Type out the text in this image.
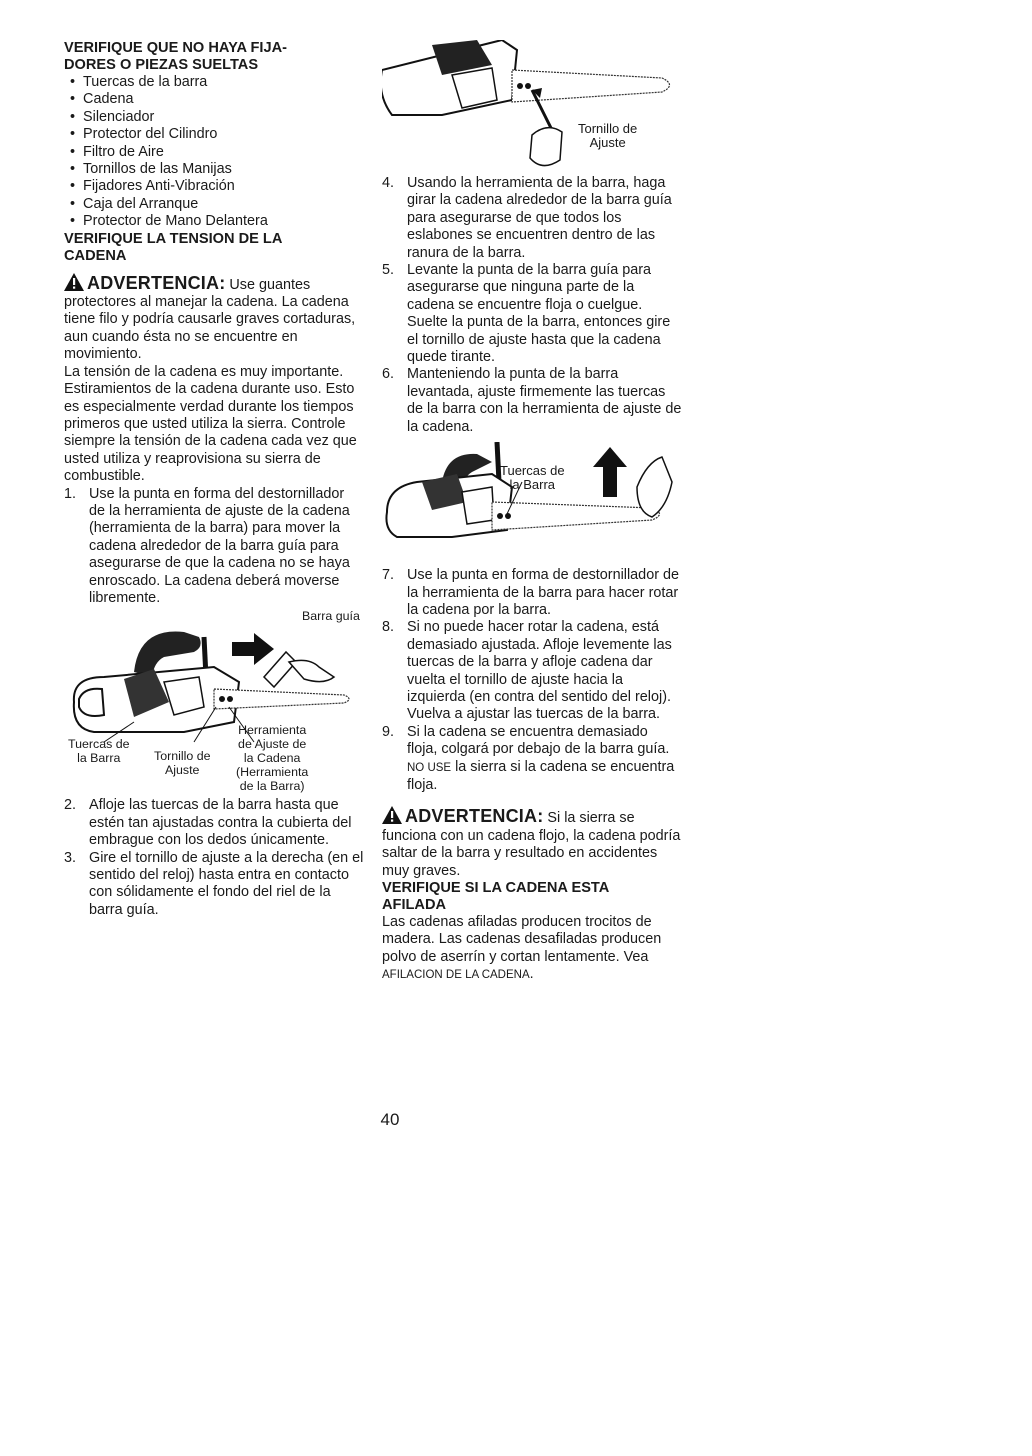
VERIFIQUE QUE NO HAYA FIJA-
DORES O PIEZAS SUELTAS
•  Tuercas de la barra
•  Cadena
•  Silenciador
•  Protector del Cilindro
•  Filtro de Aire
•  Tornillos de las Manijas
•  Fijadores Anti-Vibración
•  Caja del Arranque
•  Protector de Mano Delantera
VERIFIQUE LA TENSION DE LA
CADENA

ADVERTENCIA: Use guantes protectores al manejar la cadena. La cadena tiene filo y podría causarle graves cortaduras, aun cuando ésta no se encuentre en movimiento.

La tensión de la cadena es muy importante. Estiramientos de la cadena durante uso. Esto es especialmente verdad durante los tiempos primeros que usted utiliza la sierra. Controle siempre la tensión de la cadena cada vez que usted utiliza y reaprovisiona su sierra de combustible.

1. Use la punta en forma del destornillador de la herramienta de ajuste de la cadena (herramienta de la barra) para mover la cadena alrededor de la barra guía para asegurarse de que la cadena no se haya enroscado. La cadena deberá moverse libremente.
Barra guía
Tuercas de
la Barra	Tornillo de
Ajuste
Herramienta
de Ajuste de
la Cadena
(Herramienta
de la Barra)
2. Afloje las tuercas de la barra hasta que estén tan ajustadas contra la cubierta del embrague con los dedos únicamente.
3. Gire el tornillo de ajuste a la derecha (en el sentido del reloj) hasta entra en contacto con sólidamente el fondo del riel de la barra guía.
Tornillo de
Ajuste
4. Usando la herramienta de la barra, haga girar la cadena alrededor de la barra guía para asegurarse de que todos los eslabones se encuentren dentro de las ranura de la barra.
5. Levante la punta de la barra guía para asegurarse que ninguna parte de la cadena se encuentre floja o cuelgue. Suelte la punta de la barra, entonces gire el tornillo de ajuste hasta que la cadena quede tirante.
6. Manteniendo la punta de la barra levantada, ajuste firmemente las tuercas de la barra con la herramienta de ajuste de la cadena.
Tuercas de
la Barra
7. Use la punta en forma de destornillador de la herramienta de la barra para hacer rotar la cadena por la barra.
8. Si no puede hacer rotar la cadena, está demasiado ajustada. Afloje levemente las tuercas de la barra y afloje cadena dar vuelta el tornillo de ajuste hacia la izquierda (en contra del sentido del reloj). Vuelva a ajustar las tuercas de la barra.
9. Si la cadena se encuentra demasiado floja, colgará por debajo de la barra guía. NO USE la sierra si la cadena se encuentra floja.

ADVERTENCIA: Si la sierra se funciona con un cadena flojo, la cadena podría saltar de la barra y resultado en accidentes muy graves.

VERIFIQUE SI LA CADENA ESTA
AFILADA

Las cadenas afiladas producen trocitos de madera. Las cadenas desafiladas producen polvo de aserrín y cortan lentamente. Vea AFILACION DE LA CADENA.

40
